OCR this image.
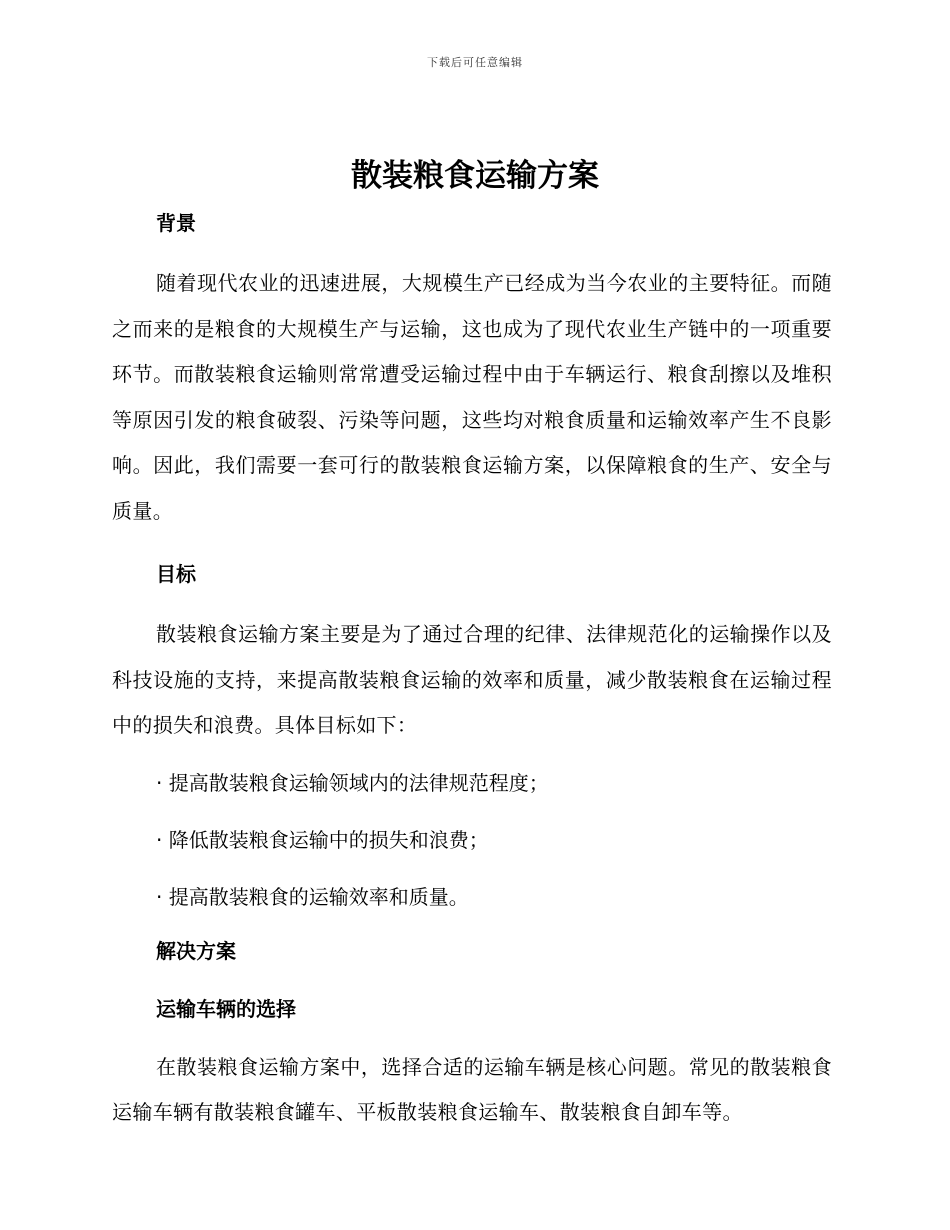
下载后可任意编辑
散装粮食运输方案
背景

随着现代农业的迅速进展，大规模生产已经成为当今农业的主要特征。而随之而来的是粮食的大规模生产与运输，这也成为了现代农业生产链中的一项重要环节。而散装粮食运输则常常遭受运输过程中由于车辆运行、粮食刮擦以及堆积等原因引发的粮食破裂、污染等问题，这些均对粮食质量和运输效率产生不良影响。因此，我们需要一套可行的散装粮食运输方案，以保障粮食的生产、安全与质量。

目标

散装粮食运输方案主要是为了通过合理的纪律、法律规范化的运输操作以及科技设施的支持，来提高散装粮食运输的效率和质量，减少散装粮食在运输过程中的损失和浪费。具体目标如下：

· 提高散装粮食运输领域内的法律规范程度；

· 降低散装粮食运输中的损失和浪费；

· 提高散装粮食的运输效率和质量。

解决方案
运输车辆的选择

在散装粮食运输方案中，选择合适的运输车辆是核心问题。常见的散装粮食运输车辆有散装粮食罐车、平板散装粮食运输车、散装粮食自卸车等。
